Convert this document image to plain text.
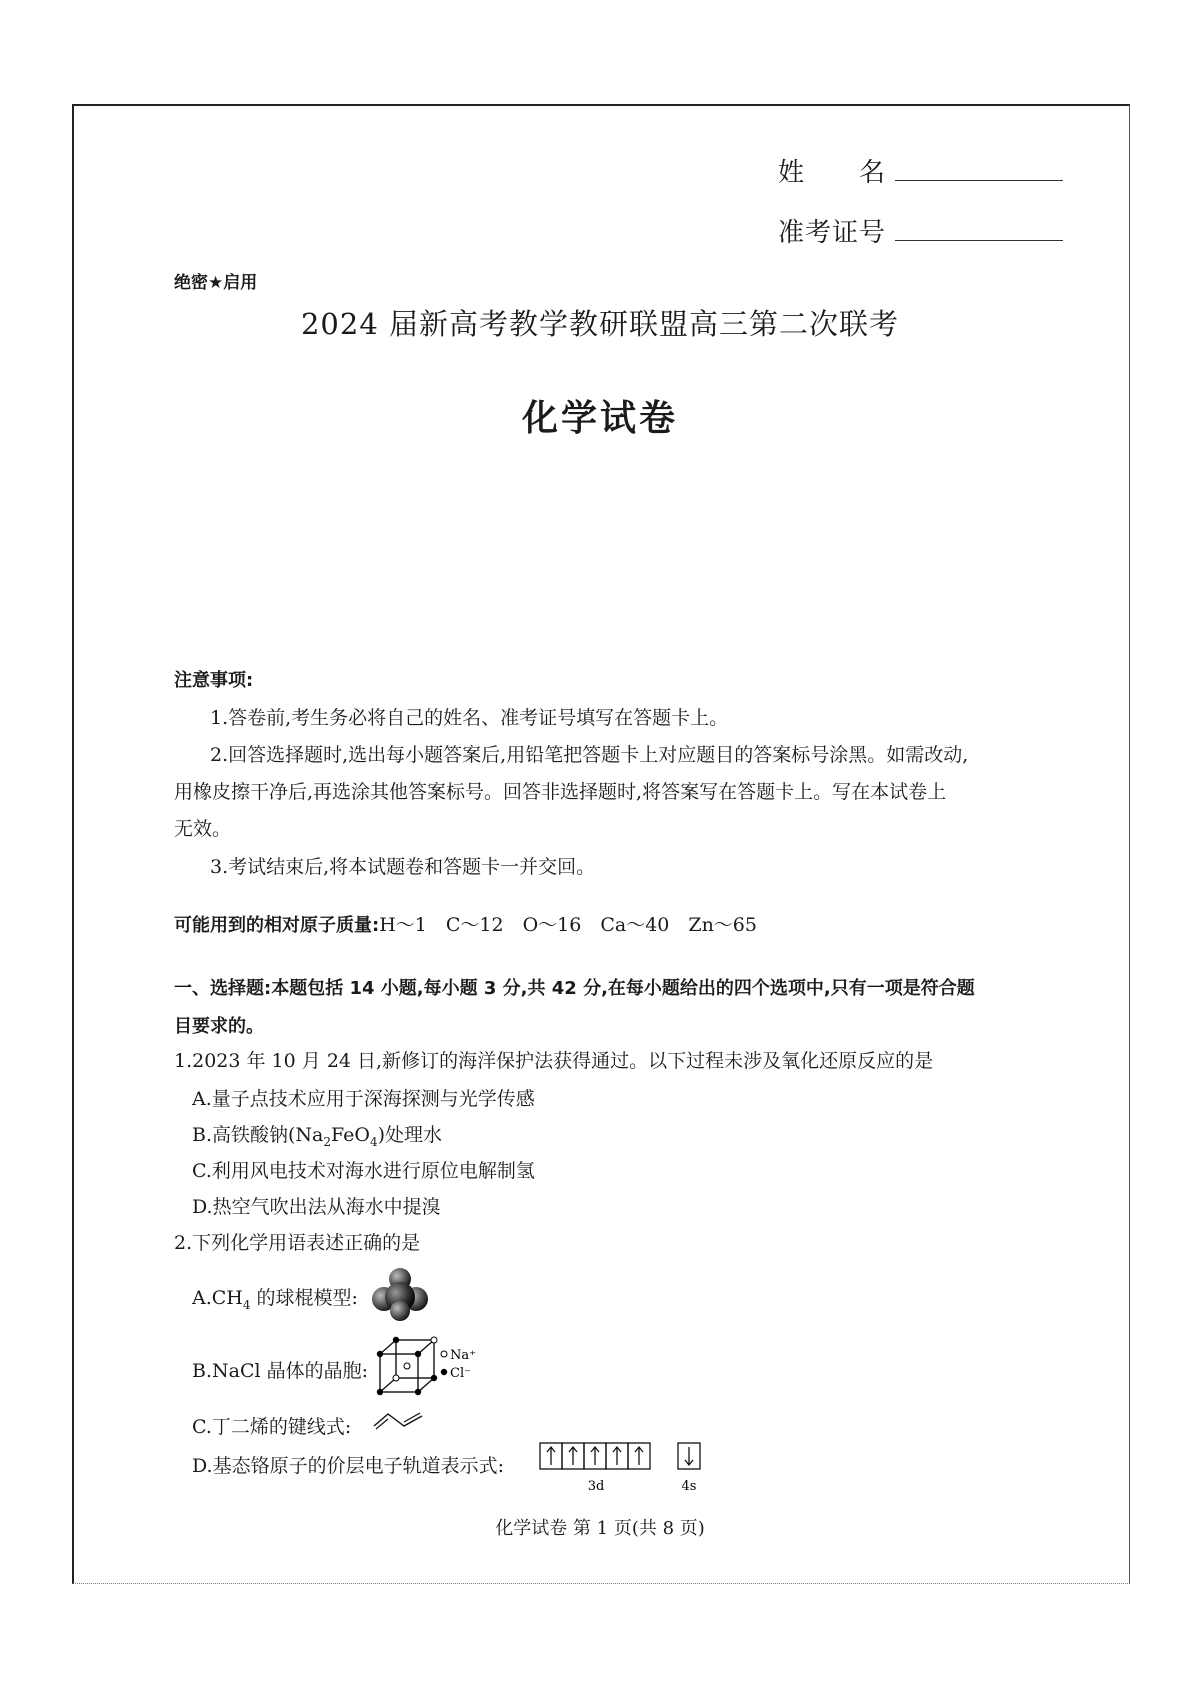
姓　　名
准考证号
绝密★启用
2024 届新高考教学教研联盟高三第二次联考
化学试卷
注意事项:
1.答卷前,考生务必将自己的姓名、准考证号填写在答题卡上。
2.回答选择题时,选出每小题答案后,用铅笔把答题卡上对应题目的答案标号涂黑。如需改动,
用橡皮擦干净后,再选涂其他答案标号。回答非选择题时,将答案写在答题卡上。写在本试卷上
无效。
3.考试结束后,将本试题卷和答题卡一并交回。
可能用到的相对原子质量:H～1　C～12　O～16　Ca～40　Zn～65
一、选择题:本题包括 14 小题,每小题 3 分,共 42 分,在每小题给出的四个选项中,只有一项是符合题
目要求的。
1.2023 年 10 月 24 日,新修订的海洋保护法获得通过。以下过程未涉及氧化还原反应的是
A.量子点技术应用于深海探测与光学传感
B.高铁酸钠$(Na_2FeO_4)$处理水
C.利用风电技术对海水进行原位电解制氢
D.热空气吹出法从海水中提溴
2.下列化学用语表述正确的是
$A.CH_4$ 的球棍模型:
B.NaCl 晶体的晶胞:
Na⁺
Cl⁻
C.丁二烯的键线式:
D.基态铬原子的价层电子轨道表示式:
3d	4s
化学试卷 第 1 页(共 8 页)
